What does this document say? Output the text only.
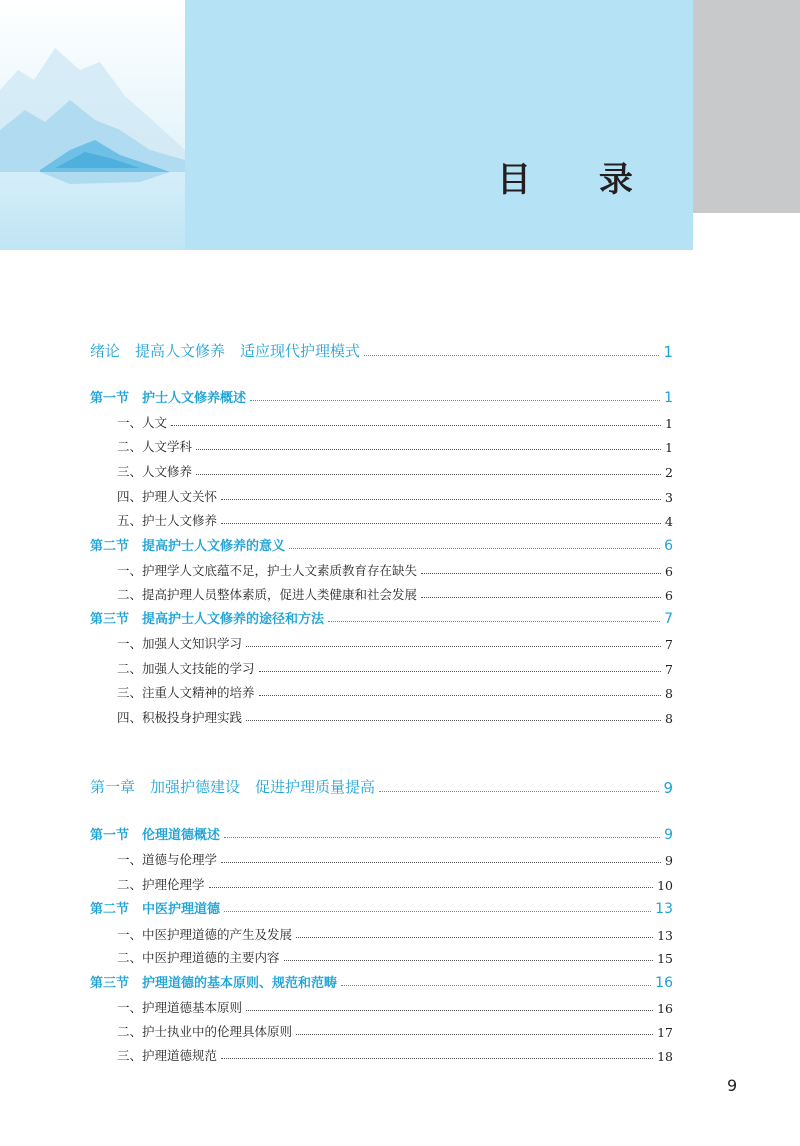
目 录
绪论　提高人文修养　适应现代护理模式	1
第一节　护士人文修养概述	1
一、人文	1
二、人文学科	1
三、人文修养	2
四、护理人文关怀	3
五、护士人文修养	4
第二节　提高护士人文修养的意义	6
一、护理学人文底蕴不足，护士人文素质教育存在缺失	6
二、提高护理人员整体素质，促进人类健康和社会发展	6
第三节　提高护士人文修养的途径和方法	7
一、加强人文知识学习	7
二、加强人文技能的学习	7
三、注重人文精神的培养	8
四、积极投身护理实践	8
第一章　加强护德建设　促进护理质量提高	9
第一节　伦理道德概述	9
一、道德与伦理学	9
二、护理伦理学	10
第二节　中医护理道德	13
一、中医护理道德的产生及发展	13
二、中医护理道德的主要内容	15
第三节　护理道德的基本原则、规范和范畴	16
一、护理道德基本原则	16
二、护士执业中的伦理具体原则	17
三、护理道德规范	18
9
